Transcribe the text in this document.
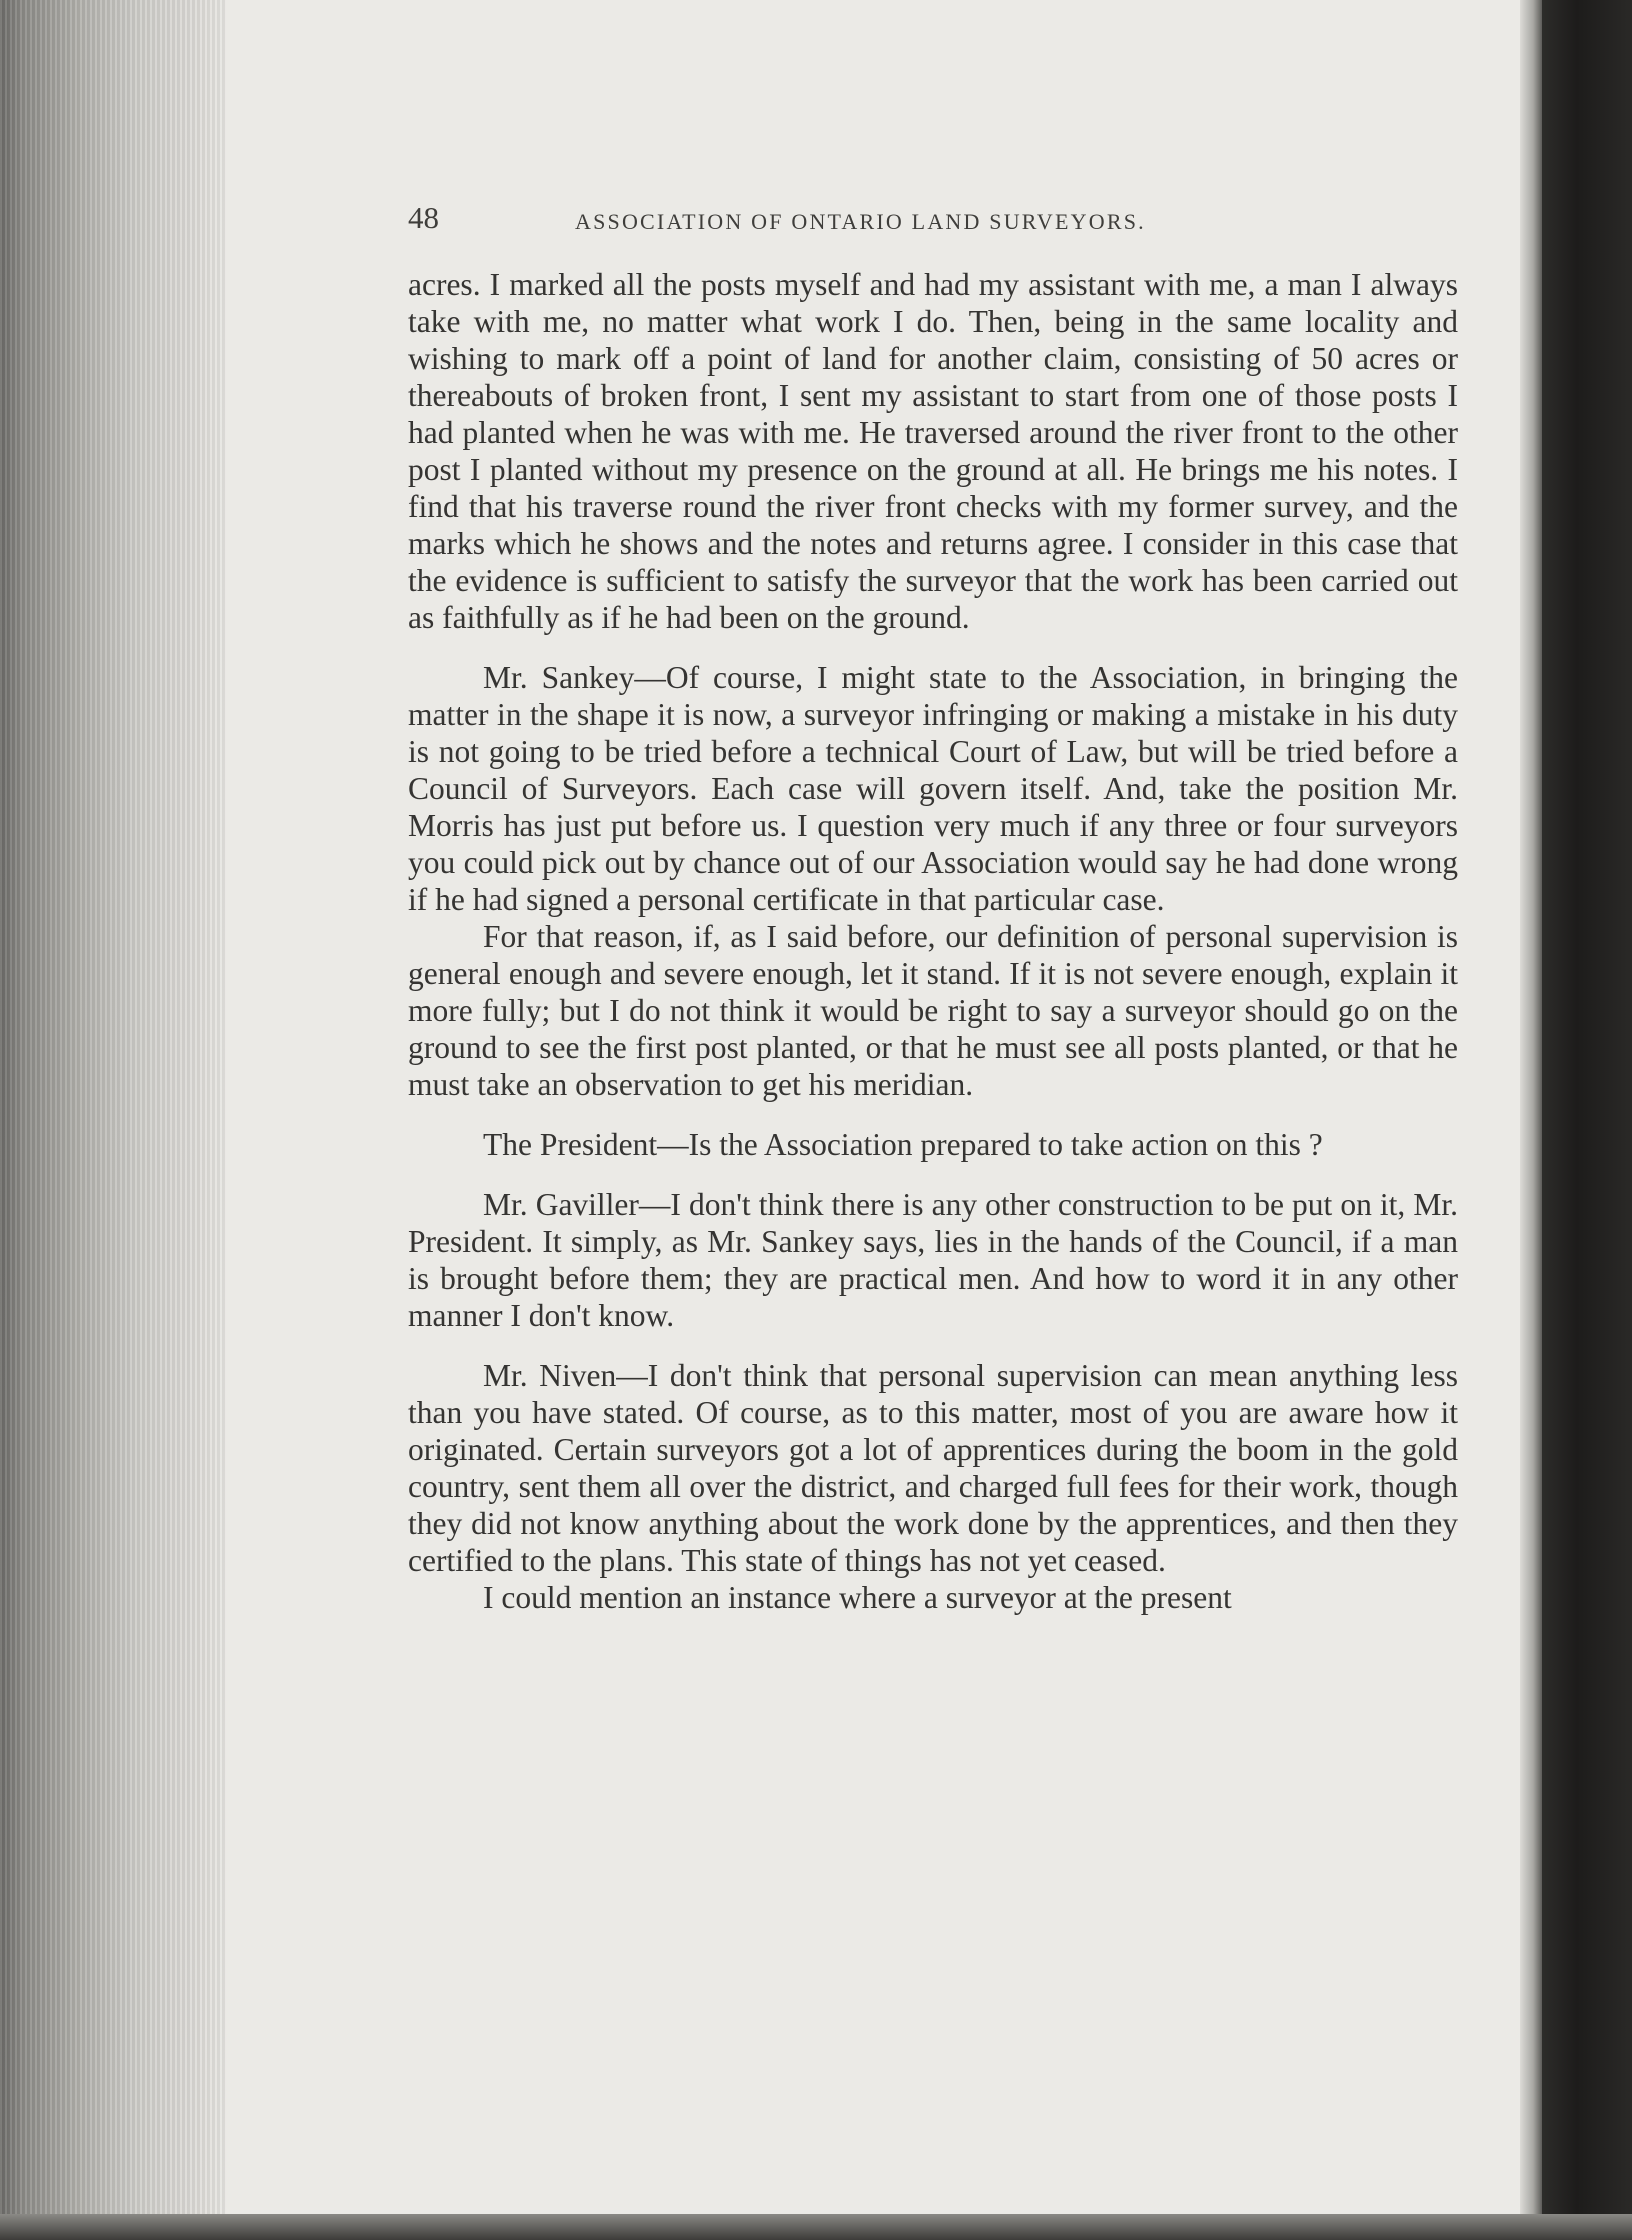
48	ASSOCIATION OF ONTARIO LAND SURVEYORS.

acres. I marked all the posts myself and had my assistant with me, a man I always take with me, no matter what work I do. Then, being in the same locality and wishing to mark off a point of land for another claim, consisting of 50 acres or thereabouts of broken front, I sent my assistant to start from one of those posts I had planted when he was with me. He traversed around the river front to the other post I planted without my presence on the ground at all. He brings me his notes. I find that his traverse round the river front checks with my former survey, and the marks which he shows and the notes and returns agree. I consider in this case that the evidence is sufficient to satisfy the surveyor that the work has been carried out as faithfully as if he had been on the ground.

Mr. Sankey—Of course, I might state to the Association, in bringing the matter in the shape it is now, a surveyor infringing or making a mistake in his duty is not going to be tried before a technical Court of Law, but will be tried before a Council of Surveyors. Each case will govern itself. And, take the position Mr. Morris has just put before us. I question very much if any three or four surveyors you could pick out by chance out of our Association would say he had done wrong if he had signed a personal certificate in that particular case.

For that reason, if, as I said before, our definition of personal supervision is general enough and severe enough, let it stand. If it is not severe enough, explain it more fully; but I do not think it would be right to say a surveyor should go on the ground to see the first post planted, or that he must see all posts planted, or that he must take an observation to get his meridian.

The President—Is the Association prepared to take action on this ?

Mr. Gaviller—I don't think there is any other construction to be put on it, Mr. President. It simply, as Mr. Sankey says, lies in the hands of the Council, if a man is brought before them; they are practical men. And how to word it in any other manner I don't know.

Mr. Niven—I don't think that personal supervision can mean anything less than you have stated. Of course, as to this matter, most of you are aware how it originated. Certain surveyors got a lot of apprentices during the boom in the gold country, sent them all over the district, and charged full fees for their work, though they did not know anything about the work done by the apprentices, and then they certified to the plans. This state of things has not yet ceased.

I could mention an instance where a surveyor at the present
